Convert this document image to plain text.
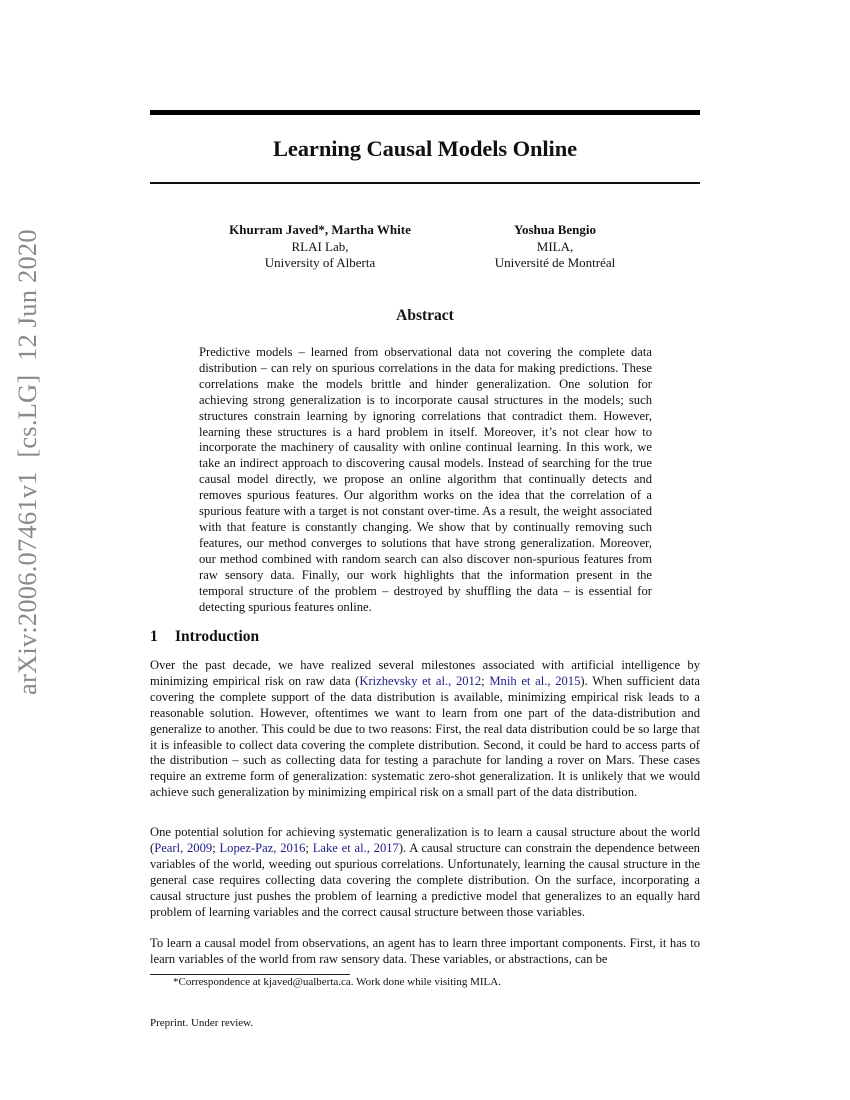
arXiv:2006.07461v1  [cs.LG]  12 Jun 2020
Learning Causal Models Online
Khurram Javed*, Martha White
RLAI Lab,
University of Alberta
Yoshua Bengio
MILA,
Université de Montréal
Abstract
Predictive models – learned from observational data not covering the complete data distribution – can rely on spurious correlations in the data for making predictions. These correlations make the models brittle and hinder generalization. One solution for achieving strong generalization is to incorporate causal structures in the models; such structures constrain learning by ignoring correlations that contradict them. However, learning these structures is a hard problem in itself. Moreover, it’s not clear how to incorporate the machinery of causality with online continual learning. In this work, we take an indirect approach to discovering causal models. Instead of searching for the true causal model directly, we propose an online algorithm that continually detects and removes spurious features. Our algorithm works on the idea that the correlation of a spurious feature with a target is not constant over-time. As a result, the weight associated with that feature is constantly changing. We show that by continually removing such features, our method converges to solutions that have strong generalization. Moreover, our method combined with random search can also discover non-spurious features from raw sensory data. Finally, our work highlights that the information present in the temporal structure of the problem – destroyed by shuffling the data – is essential for detecting spurious features online.
1 Introduction
Over the past decade, we have realized several milestones associated with artificial intelligence by minimizing empirical risk on raw data (Krizhevsky et al., 2012; Mnih et al., 2015). When sufficient data covering the complete support of the data distribution is available, minimizing empirical risk leads to a reasonable solution. However, oftentimes we want to learn from one part of the data-distribution and generalize to another. This could be due to two reasons: First, the real data distribution could be so large that it is infeasible to collect data covering the complete distribution. Second, it could be hard to access parts of the distribution – such as collecting data for testing a parachute for landing a rover on Mars. These cases require an extreme form of generalization: systematic zero-shot generalization. It is unlikely that we would achieve such generalization by minimizing empirical risk on a small part of the data distribution.
One potential solution for achieving systematic generalization is to learn a causal structure about the world (Pearl, 2009; Lopez-Paz, 2016; Lake et al., 2017). A causal structure can constrain the dependence between variables of the world, weeding out spurious correlations. Unfortunately, learning the causal structure in the general case requires collecting data covering the complete distribution. On the surface, incorporating a causal structure just pushes the problem of learning a predictive model that generalizes to an equally hard problem of learning variables and the correct causal structure between those variables.
To learn a causal model from observations, an agent has to learn three important components. First, it has to learn variables of the world from raw sensory data. These variables, or abstractions, can be
*Correspondence at kjaved@ualberta.ca. Work done while visiting MILA.
Preprint. Under review.
